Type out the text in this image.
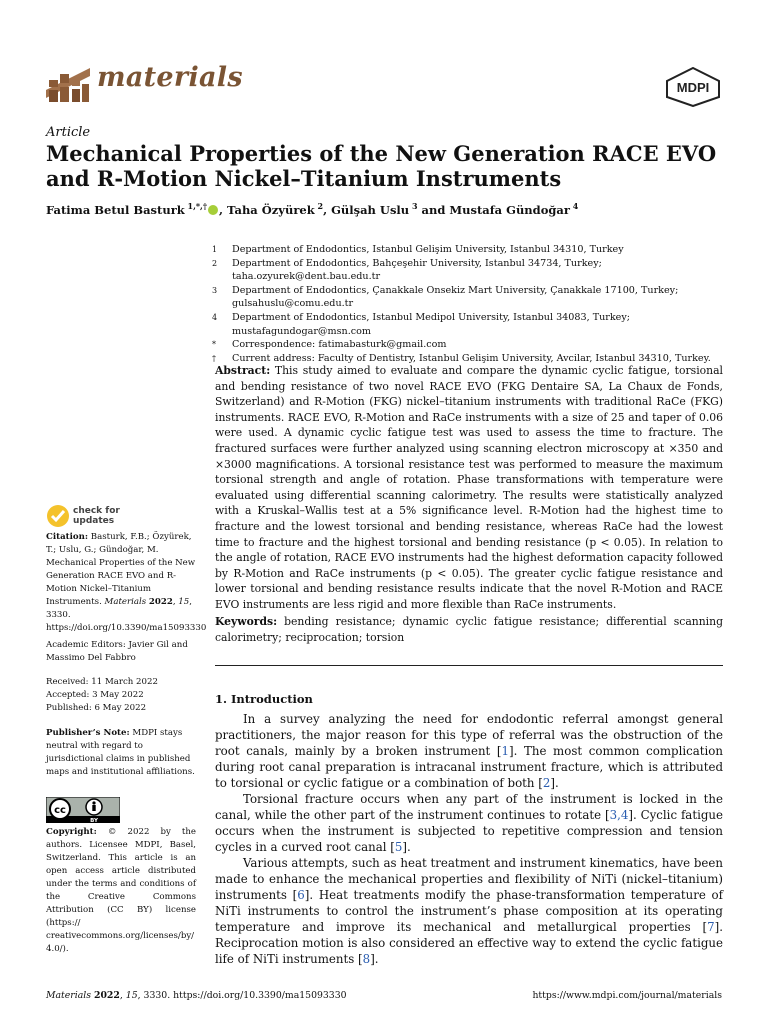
materials	MDPI
Article
Mechanical Properties of the New Generation RACE EVO and R-Motion Nickel–Titanium Instruments
Fatima Betul Basturk $^{1,*,\dagger}$ , Taha Özyürek $^2$, Gülşah Uslu $^3$ and Mustafa Gündoğar $^4$
1	Department of Endodontics, Istanbul Gelişim University, Istanbul 34310, Turkey
2	Department of Endodontics, Bahçeşehir University, Istanbul 34734, Turkey; taha.ozyurek@dent.bau.edu.tr
3	Department of Endodontics, Çanakkale Onsekiz Mart University, Çanakkale 17100, Turkey; gulsahuslu@comu.edu.tr
4	Department of Endodontics, Istanbul Medipol University, Istanbul 34083, Turkey; mustafagundogar@msn.com
*	Correspondence: fatimabasturk@gmail.com
†	Current address: Faculty of Dentistry, Istanbul Gelişim University, Avcilar, Istanbul 34310, Turkey.
Abstract: This study aimed to evaluate and compare the dynamic cyclic fatigue, torsional and bending resistance of two novel RACE EVO (FKG Dentaire SA, La Chaux de Fonds, Switzerland) and R-Motion (FKG) nickel–titanium instruments with traditional RaCe (FKG) instruments. RACE EVO, R-Motion and RaCe instruments with a size of 25 and taper of 0.06 were used. A dynamic cyclic fatigue test was used to assess the time to fracture. The fractured surfaces were further analyzed using scanning electron microscopy at ×350 and ×3000 magnifications. A torsional resistance test was performed to measure the maximum torsional strength and angle of rotation. Phase transformations with temperature were evaluated using differential scanning calorimetry. The results were statistically analyzed with a Kruskal–Wallis test at a 5% significance level. R-Motion had the highest time to fracture and the lowest torsional and bending resistance, whereas RaCe had the lowest time to fracture and the highest torsional and bending resistance (p < 0.05). In relation to the angle of rotation, RACE EVO instruments had the highest deformation capacity followed by R-Motion and RaCe instruments (p < 0.05). The greater cyclic fatigue resistance and lower torsional and bending resistance results indicate that the novel R-Motion and RACE EVO instruments are less rigid and more flexible than RaCe instruments.
Keywords: bending resistance; dynamic cyclic fatigue resistance; differential scanning calorimetry; reciprocation; torsion
check for
updates
Citation: Basturk, F.B.; Özyürek, T.; Uslu, G.; Gündoğar, M. Mechanical Properties of the New Generation RACE EVO and R-Motion Nickel–Titanium Instruments. Materials 2022, 15, 3330. https://doi.org/10.3390/ma15093330
Academic Editors: Javier Gil and Massimo Del Fabbro
Received: 11 March 2022
Accepted: 3 May 2022
Published: 6 May 2022
Publisher’s Note: MDPI stays neutral with regard to jurisdictional claims in published maps and institutional affiliations.
cc
BY
Copyright: © 2022 by the authors. Licensee MDPI, Basel, Switzerland. This article is an open access article distributed under the terms and conditions of the Creative Commons Attribution (CC BY) license (https:// creativecommons.org/licenses/by/ 4.0/).
1. Introduction

In a survey analyzing the need for endodontic referral amongst general practitioners, the major reason for this type of referral was the obstruction of the root canals, mainly by a broken instrument [1]. The most common complication during root canal preparation is intracanal instrument fracture, which is attributed to torsional or cyclic fatigue or a combination of both [2].

Torsional fracture occurs when any part of the instrument is locked in the canal, while the other part of the instrument continues to rotate [3,4]. Cyclic fatigue occurs when the instrument is subjected to repetitive compression and tension cycles in a curved root canal [5].

Various attempts, such as heat treatment and instrument kinematics, have been made to enhance the mechanical properties and flexibility of NiTi (nickel–titanium) instruments [6]. Heat treatments modify the phase-transformation temperature of NiTi instruments to control the instrument’s phase composition at its operating temperature and improve its mechanical and metallurgical properties [7]. Reciprocation motion is also considered an effective way to extend the cyclic fatigue life of NiTi instruments [8].

Materials 2022, 15, 3330. https://doi.org/10.3390/ma15093330	https://www.mdpi.com/journal/materials
